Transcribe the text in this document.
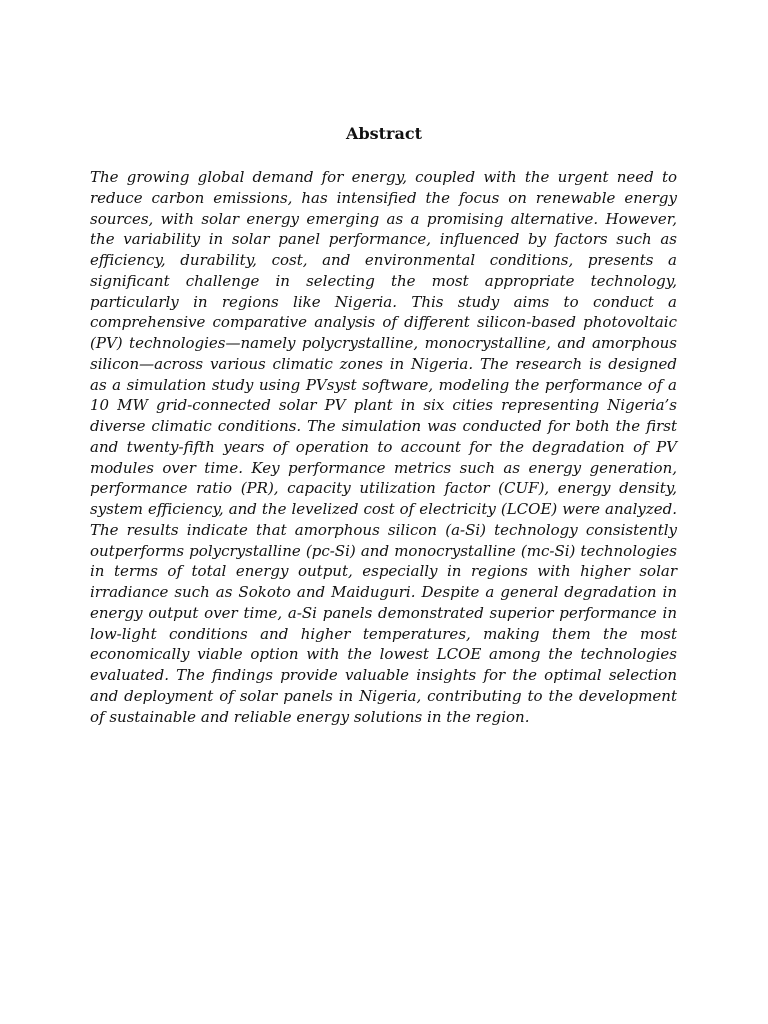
Abstract

The growing global demand for energy, coupled with the urgent need to reduce carbon emissions, has intensified the focus on renewable energy sources, with solar energy emerging as a promising alternative. However, the variability in solar panel performance, influenced by factors such as efficiency, durability, cost, and environmental conditions, presents a significant challenge in selecting the most appropriate technology, particularly in regions like Nigeria. This study aims to conduct a comprehensive comparative analysis of different silicon-based photovoltaic (PV) technologies—namely polycrystalline, monocrystalline, and amorphous silicon—across various climatic zones in Nigeria. The research is designed as a simulation study using PVsyst software, modeling the performance of a 10 MW grid-connected solar PV plant in six cities representing Nigeria’s diverse climatic conditions. The simulation was conducted for both the first and twenty-fifth years of operation to account for the degradation of PV modules over time. Key performance metrics such as energy generation, performance ratio (PR), capacity utilization factor (CUF), energy density, system efficiency, and the levelized cost of electricity (LCOE) were analyzed. The results indicate that amorphous silicon (a-Si) technology consistently outperforms polycrystalline (pc-Si) and monocrystalline (mc-Si) technologies in terms of total energy output, especially in regions with higher solar irradiance such as Sokoto and Maiduguri. Despite a general degradation in energy output over time, a-Si panels demonstrated superior performance in low-light conditions and higher temperatures, making them the most economically viable option with the lowest LCOE among the technologies evaluated. The findings provide valuable insights for the optimal selection and deployment of solar panels in Nigeria, contributing to the development of sustainable and reliable energy solutions in the region.
